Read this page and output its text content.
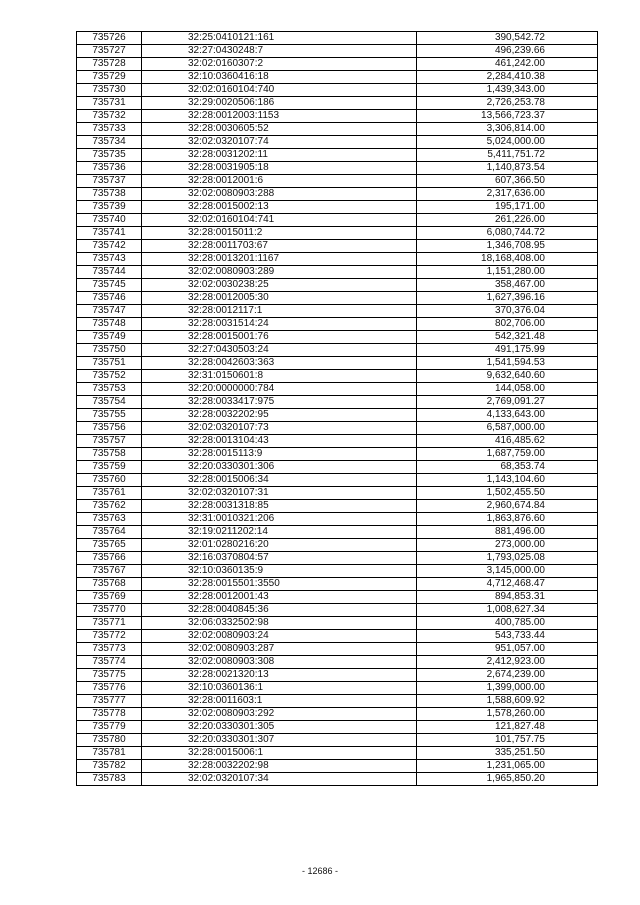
735726	32:25:0410121:161	390,542.72
735727	32:27:0430248:7	496,239.66
735728	32:02:0160307:2	461,242.00
735729	32:10:0360416:18	2,284,410.38
735730	32:02:0160104:740	1,439,343.00
735731	32:29:0020506:186	2,726,253.78
735732	32:28:0012003:1153	13,566,723.37
735733	32:28:0030605:52	3,306,814.00
735734	32:02:0320107:74	5,024,000.00
735735	32:28:0031202:11	5,411,751.72
735736	32:28:0031905:18	1,140,873.54
735737	32:28:0012001:6	607,366.50
735738	32:02:0080903:288	2,317,636.00
735739	32:28:0015002:13	195,171.00
735740	32:02:0160104:741	261,226.00
735741	32:28:0015011:2	6,080,744.72
735742	32:28:0011703:67	1,346,708.95
735743	32:28:0013201:1167	18,168,408.00
735744	32:02:0080903:289	1,151,280.00
735745	32:02:0030238:25	358,467.00
735746	32:28:0012005:30	1,627,396.16
735747	32:28:0012117:1	370,376.04
735748	32:28:0031514:24	802,706.00
735749	32:28:0015001:76	542,321.48
735750	32:27:0430503:24	491,175.99
735751	32:28:0042603:363	1,541,594.53
735752	32:31:0150601:8	9,632,640.60
735753	32:20:0000000:784	144,058.00
735754	32:28:0033417:975	2,769,091.27
735755	32:28:0032202:95	4,133,643.00
735756	32:02:0320107:73	6,587,000.00
735757	32:28:0013104:43	416,485.62
735758	32:28:0015113:9	1,687,759.00
735759	32:20:0330301:306	68,353.74
735760	32:28:0015006:34	1,143,104.60
735761	32:02:0320107:31	1,502,455.50
735762	32:28:0031318:85	2,960,674.84
735763	32:31:0010321:206	1,863,876.60
735764	32:19:0211202:14	881,496.00
735765	32:01:0280216:20	273,000.00
735766	32:16:0370804:57	1,793,025.08
735767	32:10:0360135:9	3,145,000.00
735768	32:28:0015501:3550	4,712,468.47
735769	32:28:0012001:43	894,853.31
735770	32:28:0040845:36	1,008,627.34
735771	32:06:0332502:98	400,785.00
735772	32:02:0080903:24	543,733.44
735773	32:02:0080903:287	951,057.00
735774	32:02:0080903:308	2,412,923.00
735775	32:28:0021320:13	2,674,239.00
735776	32:10:0360136:1	1,399,000.00
735777	32:28:0011603:1	1,588,609.92
735778	32:02:0080903:292	1,578,260.00
735779	32:20:0330301:305	121,827.48
735780	32:20:0330301:307	101,757.75
735781	32:28:0015006:1	335,251.50
735782	32:28:0032202:98	1,231,065.00
735783	32:02:0320107:34	1,965,850.20
- 12686 -
